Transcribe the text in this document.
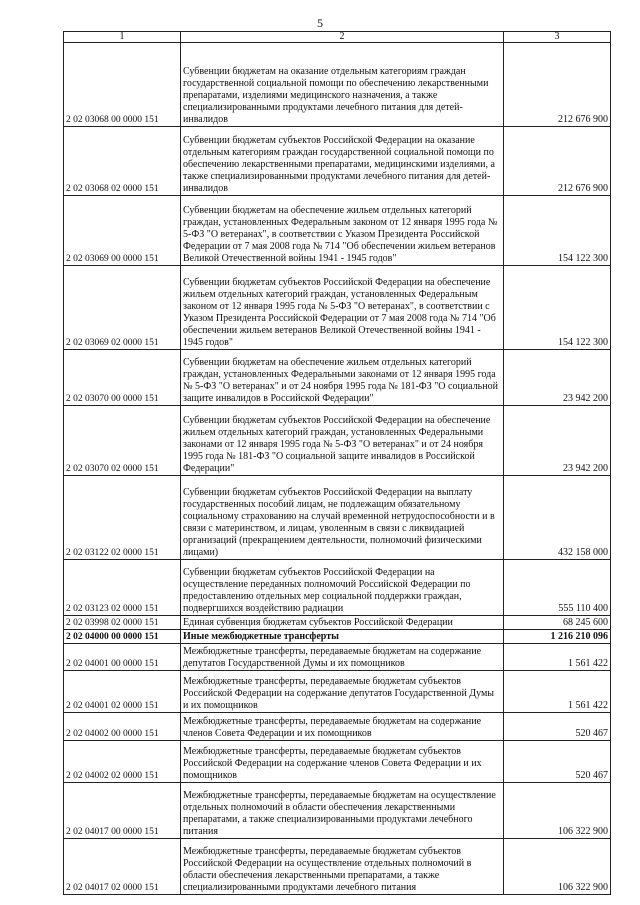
5
1	2	3
2 02 03068 00 0000 151	Субвенции бюджетам на оказание отдельным категориям граждан государственной социальной помощи по обеспечению лекарственными препаратами, изделиями медицинского назначения, а также специализированными продуктами лечебного питания для детей-инвалидов	212 676 900
2 02 03068 02 0000 151	Субвенции бюджетам субъектов Российской Федерации на оказание отдельным категориям граждан государственной социальной помощи по обеспечению лекарственными препаратами, медицинскими изделиями, а также специализированными продуктами лечебного питания для детей-инвалидов	212 676 900
2 02 03069 00 0000 151	Субвенции бюджетам на обеспечение жильем отдельных категорий граждан, установленных Федеральным законом от 12 января 1995 года № 5-ФЗ "О ветеранах", в соответствии с Указом Президента Российской Федерации от 7 мая 2008 года № 714 "Об обеспечении жильем ветеранов Великой Отечественной войны 1941 - 1945 годов"	154 122 300
2 02 03069 02 0000 151	Субвенции бюджетам субъектов Российской Федерации на обеспечение жильем отдельных категорий граждан, установленных Федеральным законом от 12 января 1995 года № 5-ФЗ "О ветеранах", в соответствии с Указом Президента Российской Федерации от 7 мая 2008 года № 714 "Об обеспечении жильем ветеранов Великой Отечественной войны 1941 - 1945 годов"	154 122 300
2 02 03070 00 0000 151	Субвенции бюджетам на обеспечение жильем отдельных категорий граждан, установленных Федеральными законами от 12 января 1995 года № 5-ФЗ "О ветеранах" и от 24 ноября 1995 года № 181-ФЗ "О социальной защите инвалидов в Российской Федерации"	23 942 200
2 02 03070 02 0000 151	Субвенции бюджетам субъектов Российской Федерации на обеспечение жильем отдельных категорий граждан, установленных Федеральными законами от 12 января 1995 года № 5-ФЗ "О ветеранах" и от 24 ноября 1995 года № 181-ФЗ "О социальной защите инвалидов в Российской Федерации"	23 942 200
2 02 03122 02 0000 151	Субвенции бюджетам субъектов Российской Федерации на выплату государственных пособий лицам, не подлежащим обязательному социальному страхованию на случай временной нетрудоспособности и в связи с материнством, и лицам, уволенным в связи с ликвидацией организаций (прекращением деятельности, полномочий физическими лицами)	432 158 000
2 02 03123 02 0000 151	Субвенции бюджетам субъектов Российской Федерации на осуществление переданных полномочий Российской Федерации по предоставлению отдельных мер социальной поддержки граждан, подвергшихся воздействию радиации	555 110 400
2 02 03998 02 0000 151	Единая субвенция бюджетам субъектов Российской Федерации	68 245 600
2 02 04000 00 0000 151	Иные межбюджетные трансферты	1 216 210 096
2 02 04001 00 0000 151	Межбюджетные трансферты, передаваемые бюджетам на содержание депутатов Государственной Думы и их помощников	1 561 422
2 02 04001 02 0000 151	Межбюджетные трансферты, передаваемые бюджетам субъектов Российской Федерации на содержание депутатов Государственной Думы и их помощников	1 561 422
2 02 04002 00 0000 151	Межбюджетные трансферты, передаваемые бюджетам на содержание членов Совета Федерации и их помощников	520 467
2 02 04002 02 0000 151	Межбюджетные трансферты, передаваемые бюджетам субъектов Российской Федерации на содержание членов Совета Федерации и их помощников	520 467
2 02 04017 00 0000 151	Межбюджетные трансферты, передаваемые бюджетам на осуществление отдельных полномочий в области обеспечения лекарственными препаратами, а также специализированными продуктами лечебного питания	106 322 900
2 02 04017 02 0000 151	Межбюджетные трансферты, передаваемые бюджетам субъектов Российской Федерации на осуществление отдельных полномочий в области обеспечения лекарственными препаратами, а также специализированными продуктами лечебного питания	106 322 900
